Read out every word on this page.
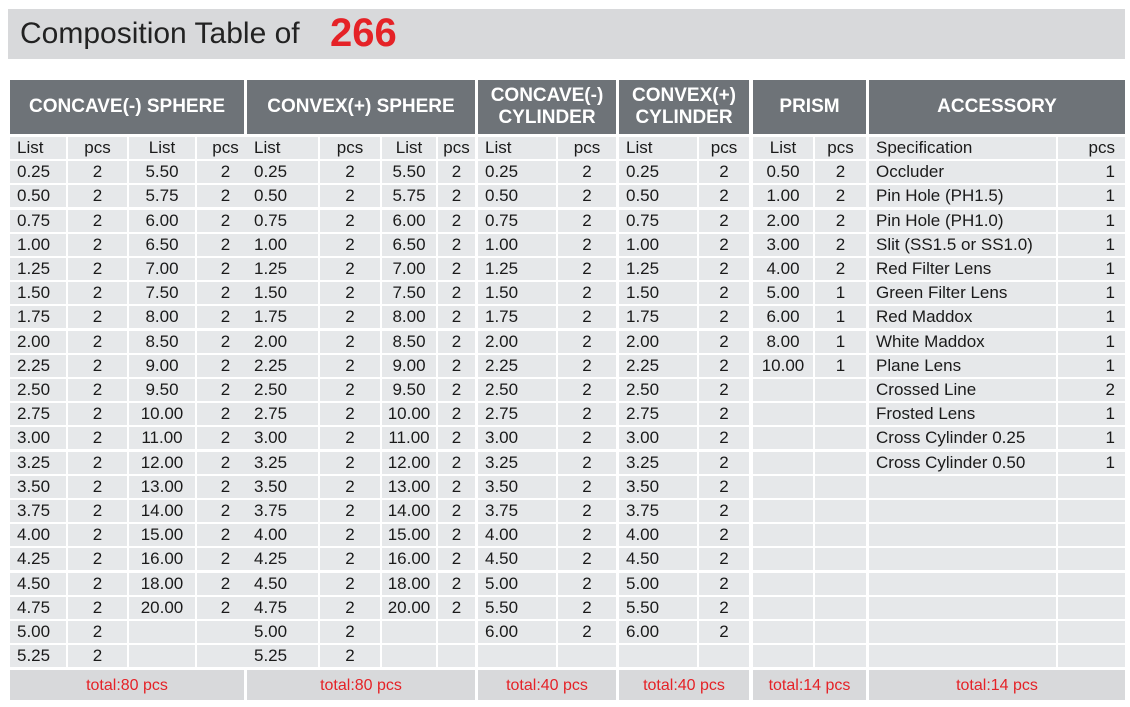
Composition Table of 266
CONCAVE(-) SPHERE
List
0.25
0.50
0.75
1.00
1.25
1.50
1.75
2.00
2.25
2.50
2.75
3.00
3.25
3.50
3.75
4.00
4.25
4.50
4.75
5.00
5.25
pcs
2
2
2
2
2
2
2
2
2
2
2
2
2
2
2
2
2
2
2
2
2
List
5.50
5.75
6.00
6.50
7.00
7.50
8.00
8.50
9.00
9.50
10.00
11.00
12.00
13.00
14.00
15.00
16.00
18.00
20.00
pcs
2
2
2
2
2
2
2
2
2
2
2
2
2
2
2
2
2
2
2
total:80 pcs
CONVEX(+) SPHERE
List
0.25
0.50
0.75
1.00
1.25
1.50
1.75
2.00
2.25
2.50
2.75
3.00
3.25
3.50
3.75
4.00
4.25
4.50
4.75
5.00
5.25
pcs
2
2
2
2
2
2
2
2
2
2
2
2
2
2
2
2
2
2
2
2
2
List
5.50
5.75
6.00
6.50
7.00
7.50
8.00
8.50
9.00
9.50
10.00
11.00
12.00
13.00
14.00
15.00
16.00
18.00
20.00
pcs
2
2
2
2
2
2
2
2
2
2
2
2
2
2
2
2
2
2
2
total:80 pcs
CONCAVE(-)
CYLINDER
List
0.25
0.50
0.75
1.00
1.25
1.50
1.75
2.00
2.25
2.50
2.75
3.00
3.25
3.50
3.75
4.00
4.50
5.00
5.50
6.00
pcs
2
2
2
2
2
2
2
2
2
2
2
2
2
2
2
2
2
2
2
2
total:40 pcs
CONVEX(+)
CYLINDER
List
0.25
0.50
0.75
1.00
1.25
1.50
1.75
2.00
2.25
2.50
2.75
3.00
3.25
3.50
3.75
4.00
4.50
5.00
5.50
6.00
pcs
2
2
2
2
2
2
2
2
2
2
2
2
2
2
2
2
2
2
2
2
total:40 pcs
PRISM
List
0.50
1.00
2.00
3.00
4.00
5.00
6.00
8.00
10.00
pcs
2
2
2
2
2
1
1
1
1
total:14 pcs
ACCESSORY
Specification
Occluder
Pin Hole (PH1.5)
Pin Hole (PH1.0)
Slit (SS1.5 or SS1.0)
Red Filter Lens
Green Filter Lens
Red Maddox
White Maddox
Plane Lens
Crossed Line
Frosted Lens
Cross Cylinder 0.25
Cross Cylinder 0.50
pcs
1
1
1
1
1
1
1
1
1
2
1
1
1
total:14 pcs
